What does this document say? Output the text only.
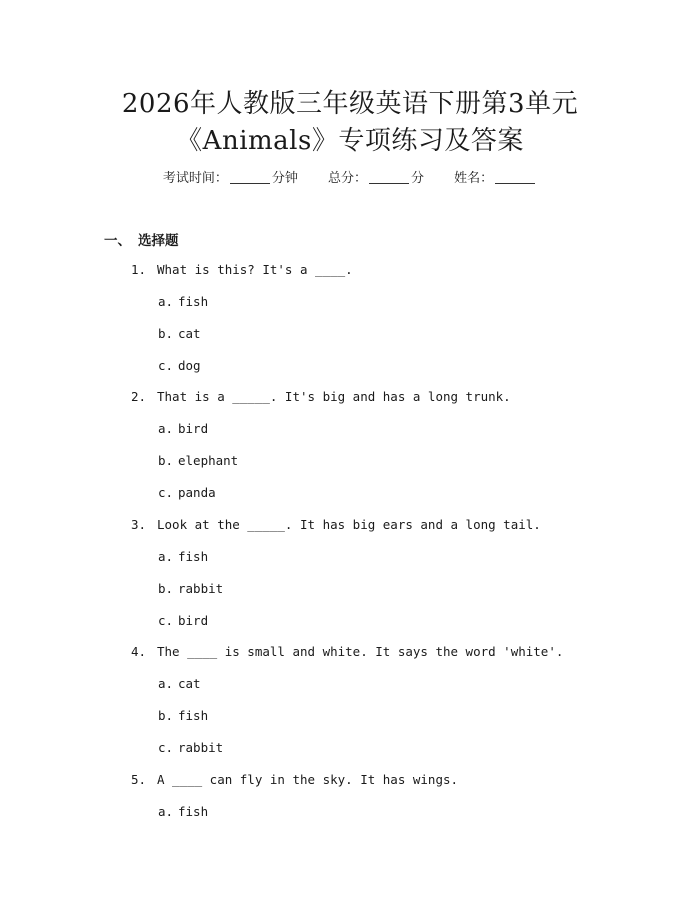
2026年人教版三年级英语下册第3单元
《Animals》专项练习及答案
考试时间：	分钟 总分：	分 姓名：
一、 选择题
1. What is this? It's a ____.
a. fish
b. cat
c. dog
2. That is a _____. It's big and has a long trunk.
a. bird
b. elephant
c. panda
3. Look at the _____. It has big ears and a long tail.
a. fish
b. rabbit
c. bird
4. The ____ is small and white. It says the word 'white'.
a. cat
b. fish
c. rabbit
5. A ____ can fly in the sky. It has wings.
a. fish
